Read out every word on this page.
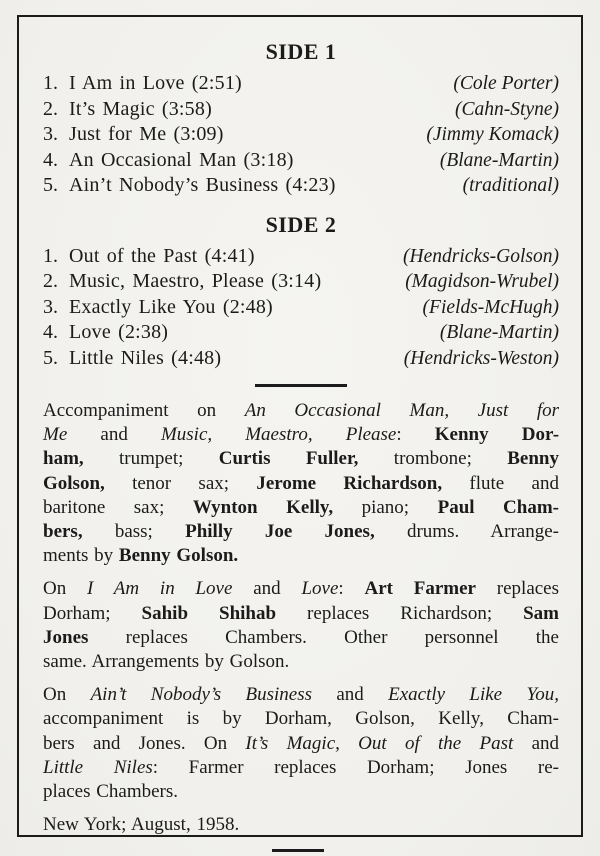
SIDE 1
1. I Am in Love (2:51)	(Cole Porter)
2. It’s Magic (3:58)	(Cahn-Styne)
3. Just for Me (3:09)	(Jimmy Komack)
4. An Occasional Man (3:18)	(Blane-Martin)
5. Ain’t Nobody’s Business (4:23)	(traditional)
SIDE 2
1. Out of the Past (4:41)	(Hendricks-Golson)
2. Music, Maestro, Please (3:14)	(Magidson-Wrubel)
3. Exactly Like You (2:48)	(Fields-McHugh)
4. Love (2:38)	(Blane-Martin)
5. Little Niles (4:48)	(Hendricks-Weston)
Accompaniment on An Occasional Man, Just for
Me and Music, Maestro, Please: Kenny Dor-
ham, trumpet; Curtis Fuller, trombone; Benny
Golson, tenor sax; Jerome Richardson, flute and
baritone sax; Wynton Kelly, piano; Paul Cham-
bers, bass; Philly Joe Jones, drums. Arrange-
ments by Benny Golson.
On I Am in Love and Love: Art Farmer replaces
Dorham; Sahib Shihab replaces Richardson; Sam
Jones replaces Chambers. Other personnel the
same. Arrangements by Golson.
On Ain’t Nobody’s Business and Exactly Like You,
accompaniment is by Dorham, Golson, Kelly, Cham-
bers and Jones. On It’s Magic, Out of the Past and
Little Niles: Farmer replaces Dorham; Jones re-
places Chambers.
New York; August, 1958.
